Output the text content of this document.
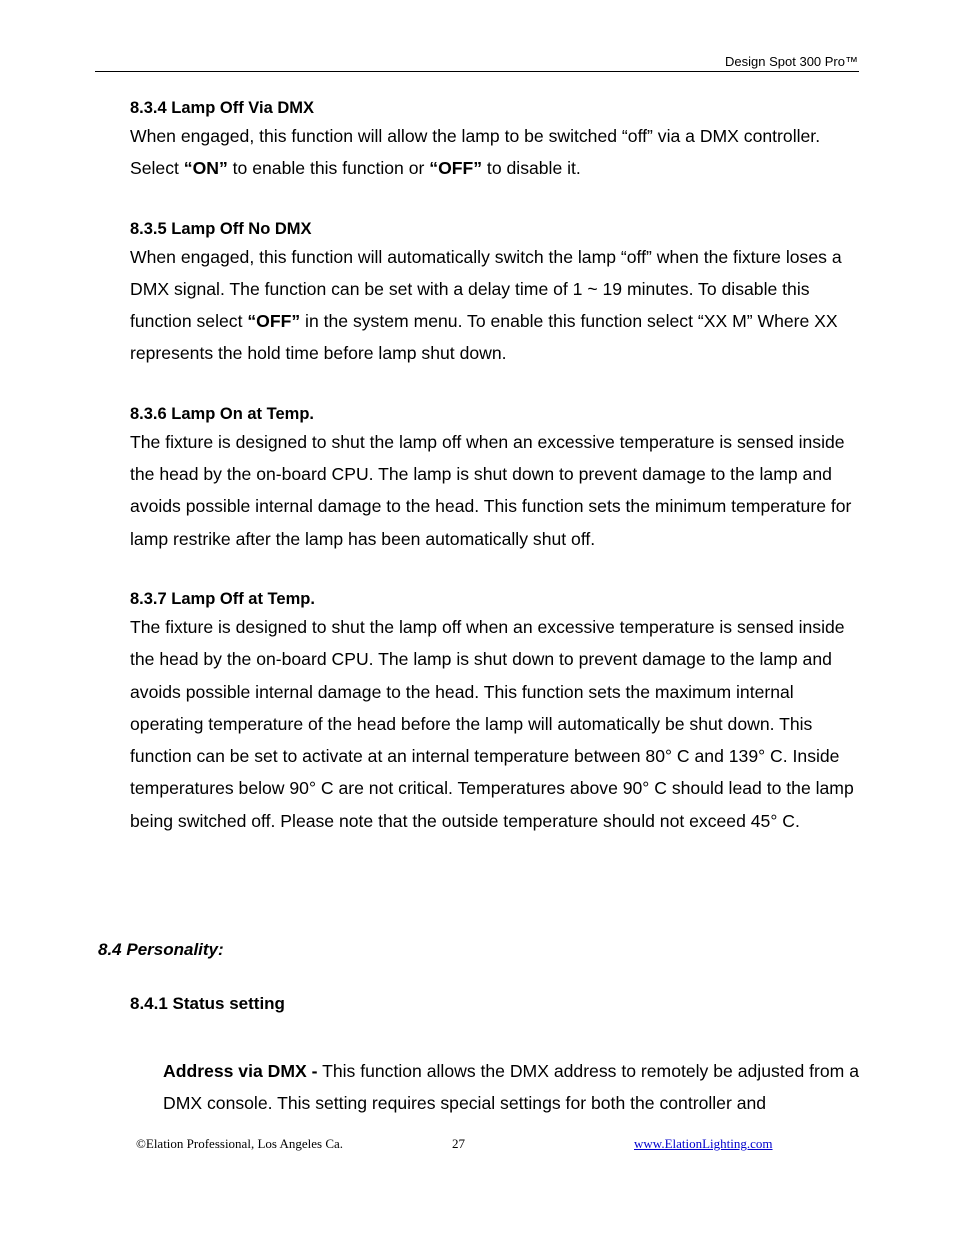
Design Spot 300 Pro™

8.3.4 Lamp Off Via DMX

When engaged, this function will allow the lamp to be switched “off” via a DMX controller. Select “ON” to enable this function or “OFF” to disable it.

8.3.5 Lamp Off No DMX

When engaged, this function will automatically switch the lamp “off” when the fixture loses a DMX signal. The function can be set with a delay time of 1 ~ 19 minutes. To disable this function select “OFF” in the system menu. To enable this function select “XX M” Where XX represents the hold time before lamp shut down.

8.3.6 Lamp On at Temp.

The fixture is designed to shut the lamp off when an excessive temperature is sensed inside the head by the on-board CPU. The lamp is shut down to prevent damage to the lamp and avoids possible internal damage to the head. This function sets the minimum temperature for lamp restrike after the lamp has been automatically shut off.

8.3.7 Lamp Off at Temp.

The fixture is designed to shut the lamp off when an excessive temperature is sensed inside the head by the on-board CPU. The lamp is shut down to prevent damage to the lamp and avoids possible internal damage to the head. This function sets the maximum internal operating temperature of the head before the lamp will automatically be shut down. This function can be set to activate at an internal temperature between 80° C and 139° C. Inside temperatures below 90° C are not critical. Temperatures above 90° C should lead to the lamp being switched off. Please note that the outside temperature should not exceed 45° C.

8.4 Personality:
8.4.1 Status setting
Address via DMX - This function allows the DMX address to remotely be adjusted from a DMX console. This setting requires special settings for both the controller and
©Elation Professional, Los Angeles Ca.	27	www.ElationLighting.com
